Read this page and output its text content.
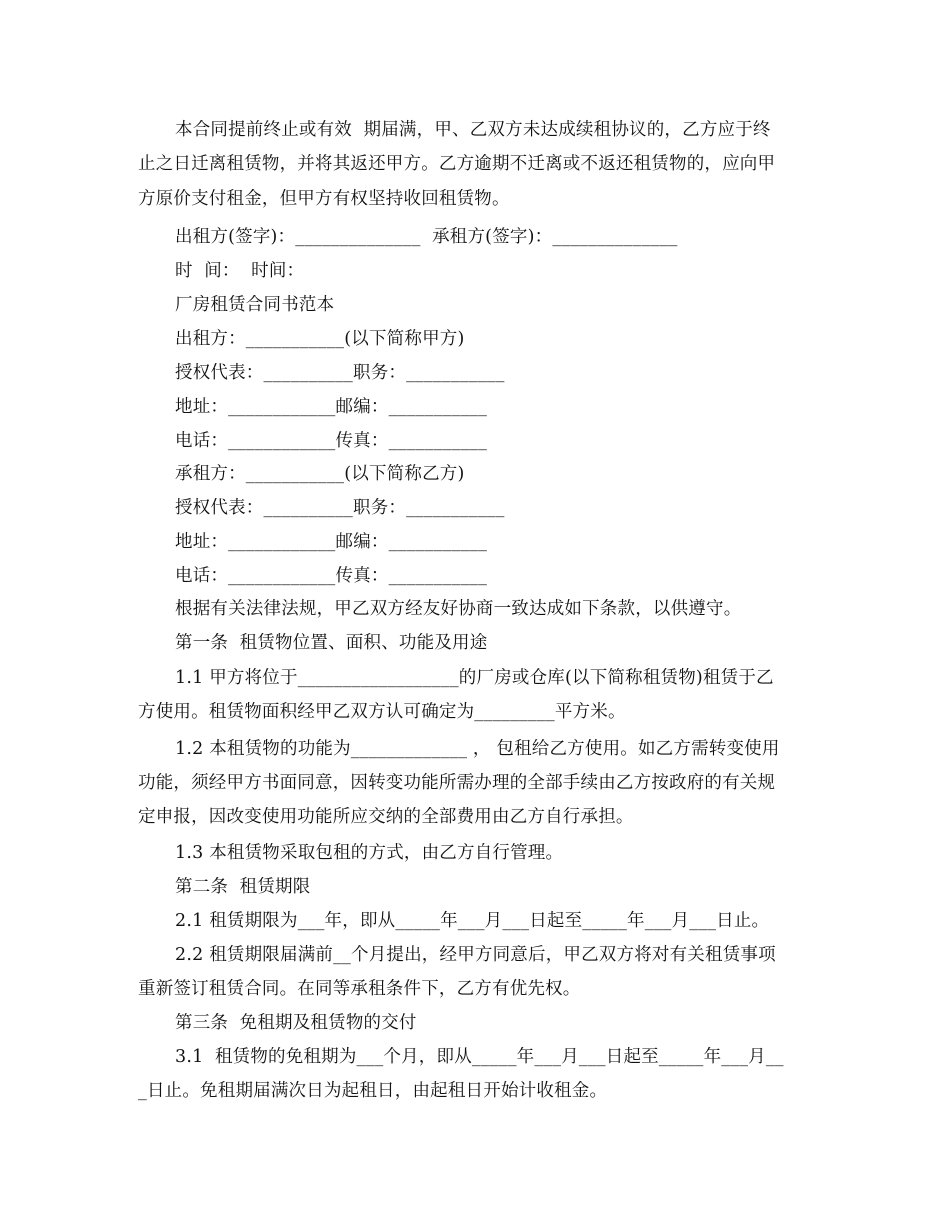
本合同提前终止或有效  期届满，甲、乙双方未达成续租协议的，乙方应于终
止之日迁离租赁物，并将其返还甲方。乙方逾期不迁离或不返还租赁物的，应向甲
方原价支付租金，但甲方有权坚持收回租赁物。
出租方(签字)：______________  承租方(签字)：______________
时  间：  时间：
厂房租赁合同书范本
出租方：___________(以下简称甲方)
授权代表：__________职务：___________
地址：____________邮编：___________
电话：____________传真：___________
承租方：___________(以下简称乙方)
授权代表：__________职务：___________
地址：____________邮编：___________
电话：____________传真：___________
根据有关法律法规，甲乙双方经友好协商一致达成如下条款，以供遵守。
第一条  租赁物位置、面积、功能及用途
1.1 甲方将位于__________________的厂房或仓库(以下简称租赁物)租赁于乙
方使用。租赁物面积经甲乙双方认可确定为_________平方米。
1.2 本租赁物的功能为_____________ ， 包租给乙方使用。如乙方需转变使用
功能，须经甲方书面同意，因转变功能所需办理的全部手续由乙方按政府的有关规
定申报，因改变使用功能所应交纳的全部费用由乙方自行承担。
1.3 本租赁物采取包租的方式，由乙方自行管理。
第二条  租赁期限
2.1 租赁期限为___年，即从_____年___月___日起至_____年___月___日止。
2.2 租赁期限届满前__个月提出，经甲方同意后，甲乙双方将对有关租赁事项
重新签订租赁合同。在同等承租条件下，乙方有优先权。
第三条  免租期及租赁物的交付
3.1  租赁物的免租期为___个月，即从_____年___月___日起至_____年___月__
_日止。免租期届满次日为起租日，由起租日开始计收租金。
